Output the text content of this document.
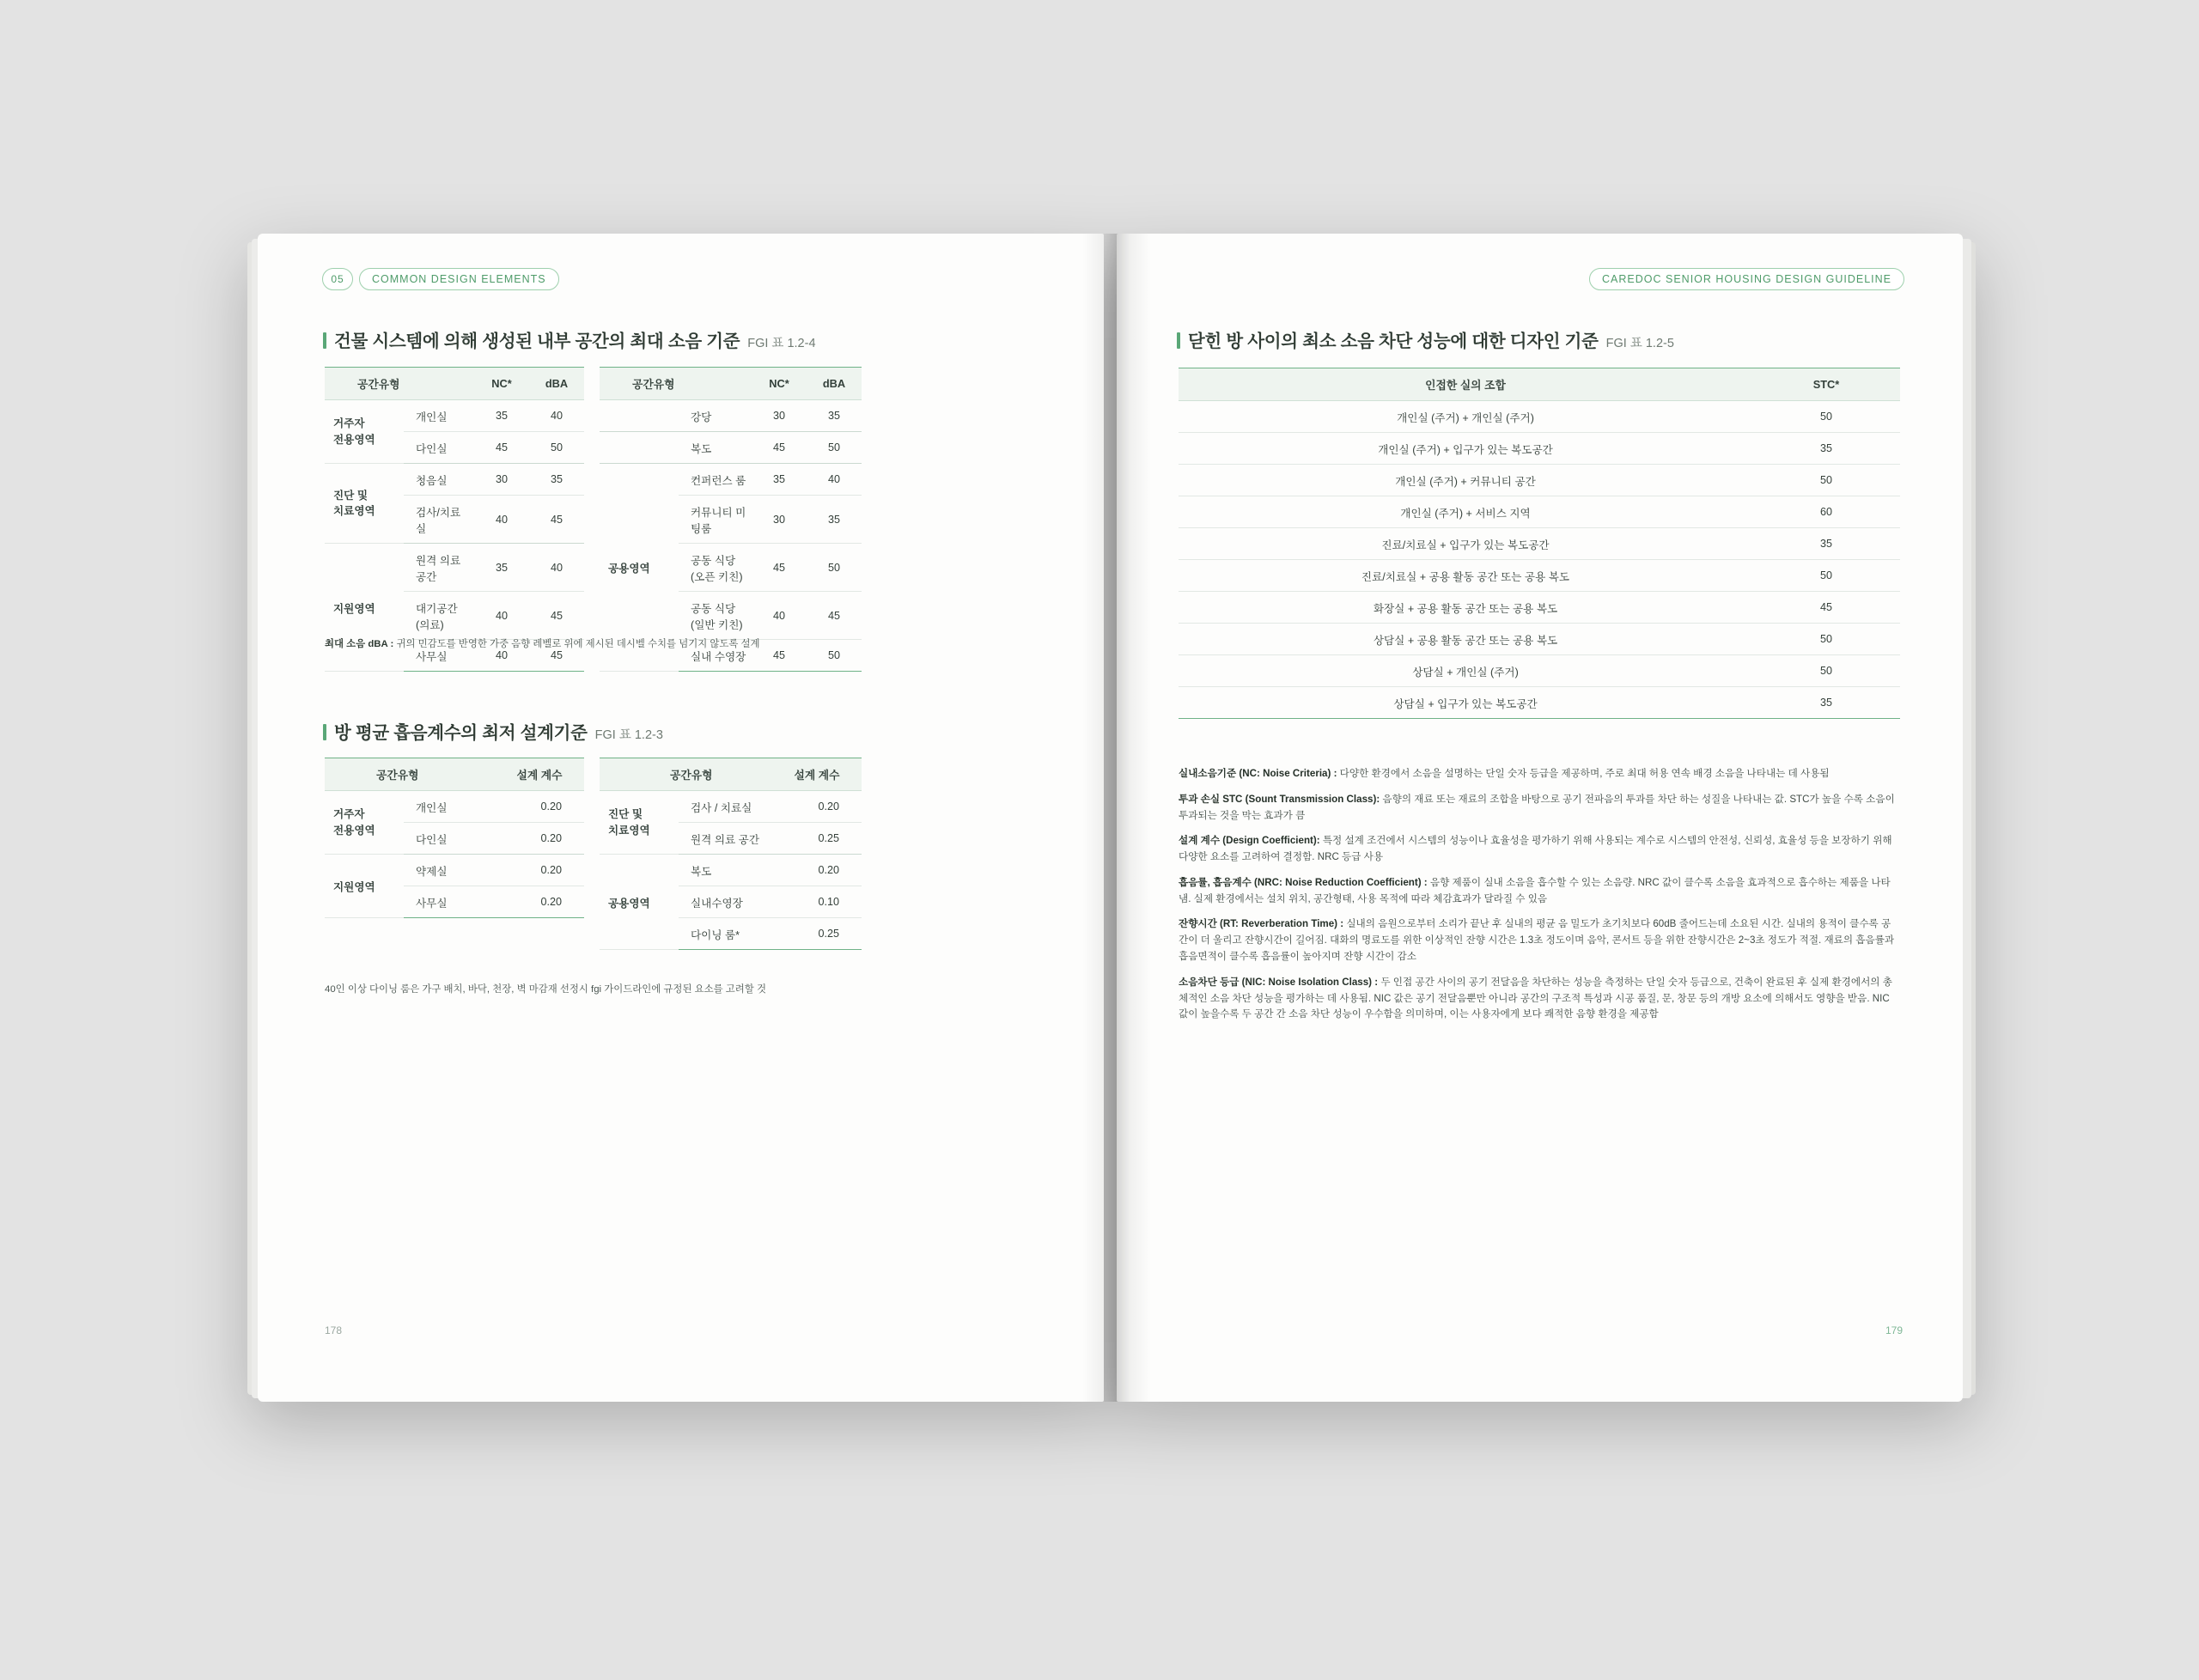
05	COMMON DESIGN ELEMENTS
건물 시스템에 의해 생성된 내부 공간의 최대 소음 기준 FGI 표 1.2-4
공간유형		NC*	dBA
거주자
전용영역	개인실	35	40
	다인실	45	50
진단 및
치료영역	청음실	30	35
	검사/치료실	40	45
지원영역	원격 의료 공간	35	40
	대기공간 (의료)	40	45
	사무실	40	45
공간유형		NC*	dBA
	강당	30	35
	복도	45	50
공용영역	컨퍼런스 룸	35	40
	커뮤니티 미팅룸	30	35
	공동 식당 (오픈 키친)	45	50
	공동 식당 (일반 키친)	40	45
	실내 수영장	45	50
최대 소음 dBA : 귀의 민감도를 반영한 가중 음향 레벨로 위에 제시된 데시벨 수치를 넘기지 않도록 설계
방 평균 흡음계수의 최저 설계기준 FGI 표 1.2-3
공간유형		설계 계수
거주자
전용영역	개인실	0.20
	다인실	0.20
지원영역	약제실	0.20
	사무실	0.20
공간유형		설계 계수
진단 및
치료영역	검사 / 치료실	0.20
	원격 의료 공간	0.25
공용영역	복도	0.20
	실내수영장	0.10
	다이닝 룸*	0.25
40인 이상 다이닝 룸은 가구 배치, 바닥, 천장, 벽 마감재 선정시 fgi 가이드라인에 규정된 요소를 고려할 것
178
CAREDOC SENIOR HOUSING DESIGN GUIDELINE
닫힌 방 사이의 최소 소음 차단 성능에 대한 디자인 기준 FGI 표 1.2-5
인접한 실의 조합	STC*
개인실 (주거) + 개인실 (주거)	50
개인실 (주거) + 입구가 있는 복도공간	35
개인실 (주거) + 커뮤니티 공간	50
개인실 (주거) + 서비스 지역	60
진료/치료실 + 입구가 있는 복도공간	35
진료/치료실 + 공용 활동 공간 또는 공용 복도	50
화장실 + 공용 활동 공간 또는 공용 복도	45
상담실 + 공용 활동 공간 또는 공용 복도	50
상담실 + 개인실 (주거)	50
상담실 + 입구가 있는 복도공간	35

실내소음기준 (NC: Noise Criteria) : 다양한 환경에서 소음을 설명하는 단일 숫자 등급을 제공하며, 주로 최대 허용 연속 배경 소음을 나타내는 데 사용됨

투과 손실 STC (Sount Transmission Class): 음향의 재료 또는 재료의 조합을 바탕으로 공기 전파음의 투과를 차단 하는 성질을 나타내는 값. STC가 높을 수록 소음이 투과되는 것을 막는 효과가 큼

설계 계수 (Design Coefficient): 특정 설계 조건에서 시스템의 성능이나 효율성을 평가하기 위해 사용되는 계수로 시스템의 안전성, 신뢰성, 효율성 등을 보장하기 위해 다양한 요소를 고려하여 결정함. NRC 등급 사용

흡음률, 흡음계수 (NRC: Noise Reduction Coefficient) : 음향 제품이 실내 소음을 흡수할 수 있는 소음량. NRC 값이 클수록 소음을 효과적으로 흡수하는 제품을 나타냄. 실제 환경에서는 설치 위치, 공간형태, 사용 목적에 따라 체감효과가 달라질 수 있음

잔향시간 (RT: Reverberation Time) : 실내의 음원으로부터 소리가 끝난 후 실내의 평균 음 밀도가 초기치보다 60dB 줄어드는데 소요된 시간. 실내의 용적이 클수록 공간이 더 울리고 잔향시간이 길어짐. 대화의 명료도를 위한 이상적인 잔향 시간은 1.3초 정도이며 음악, 콘서트 등을 위한 잔향시간은 2~3초 정도가 적절. 재료의 흡음률과 흡음면적이 클수록 흡음률이 높아지며 잔향 시간이 감소

소음차단 등급 (NIC: Noise Isolation Class) : 두 인접 공간 사이의 공기 전달음을 차단하는 성능을 측정하는 단일 숫자 등급으로, 건축이 완료된 후 실제 환경에서의 총체적인 소음 차단 성능을 평가하는 데 사용됨. NIC 값은 공기 전달음뿐만 아니라 공간의 구조적 특성과 시공 품질, 문, 창문 등의 개방 요소에 의해서도 영향을 받음. NIC 값이 높을수록 두 공간 간 소음 차단 성능이 우수함을 의미하며, 이는 사용자에게 보다 쾌적한 음향 환경을 제공함

179
